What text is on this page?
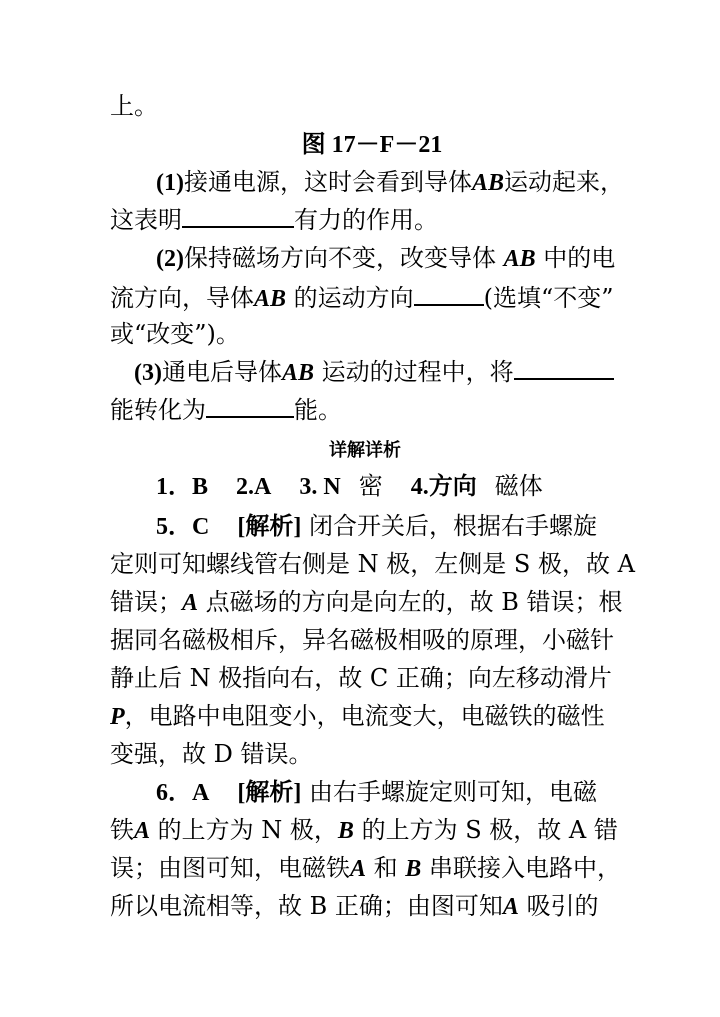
上。
图 17－F－21
(1)接通电源，这时会看到导体AB运动起来，
这表明	有力的作用。
(2)保持磁场方向不变，改变导体 AB 中的电
流方向，导体AB 的运动方向	(选填“不变”
或“改变”)。
(3)通电后导体AB 运动的过程中，将
能转化为	能。
详解详析
1．B 2.A 3. N 密 4.方向 磁体
5．C [解析] 闭合开关后，根据右手螺旋
定则可知螺线管右侧是 N 极，左侧是 S 极，故 A
错误；A 点磁场的方向是向左的，故 B 错误；根
据同名磁极相斥，异名磁极相吸的原理，小磁针
静止后 N 极指向右，故 C 正确；向左移动滑片
P，电路中电阻变小，电流变大，电磁铁的磁性
变强，故 D 错误。
6．A [解析] 由右手螺旋定则可知，电磁
铁A 的上方为 N 极，B 的上方为 S 极，故 A 错
误；由图可知，电磁铁A 和 B 串联接入电路中，
所以电流相等，故 B 正确；由图可知A 吸引的
